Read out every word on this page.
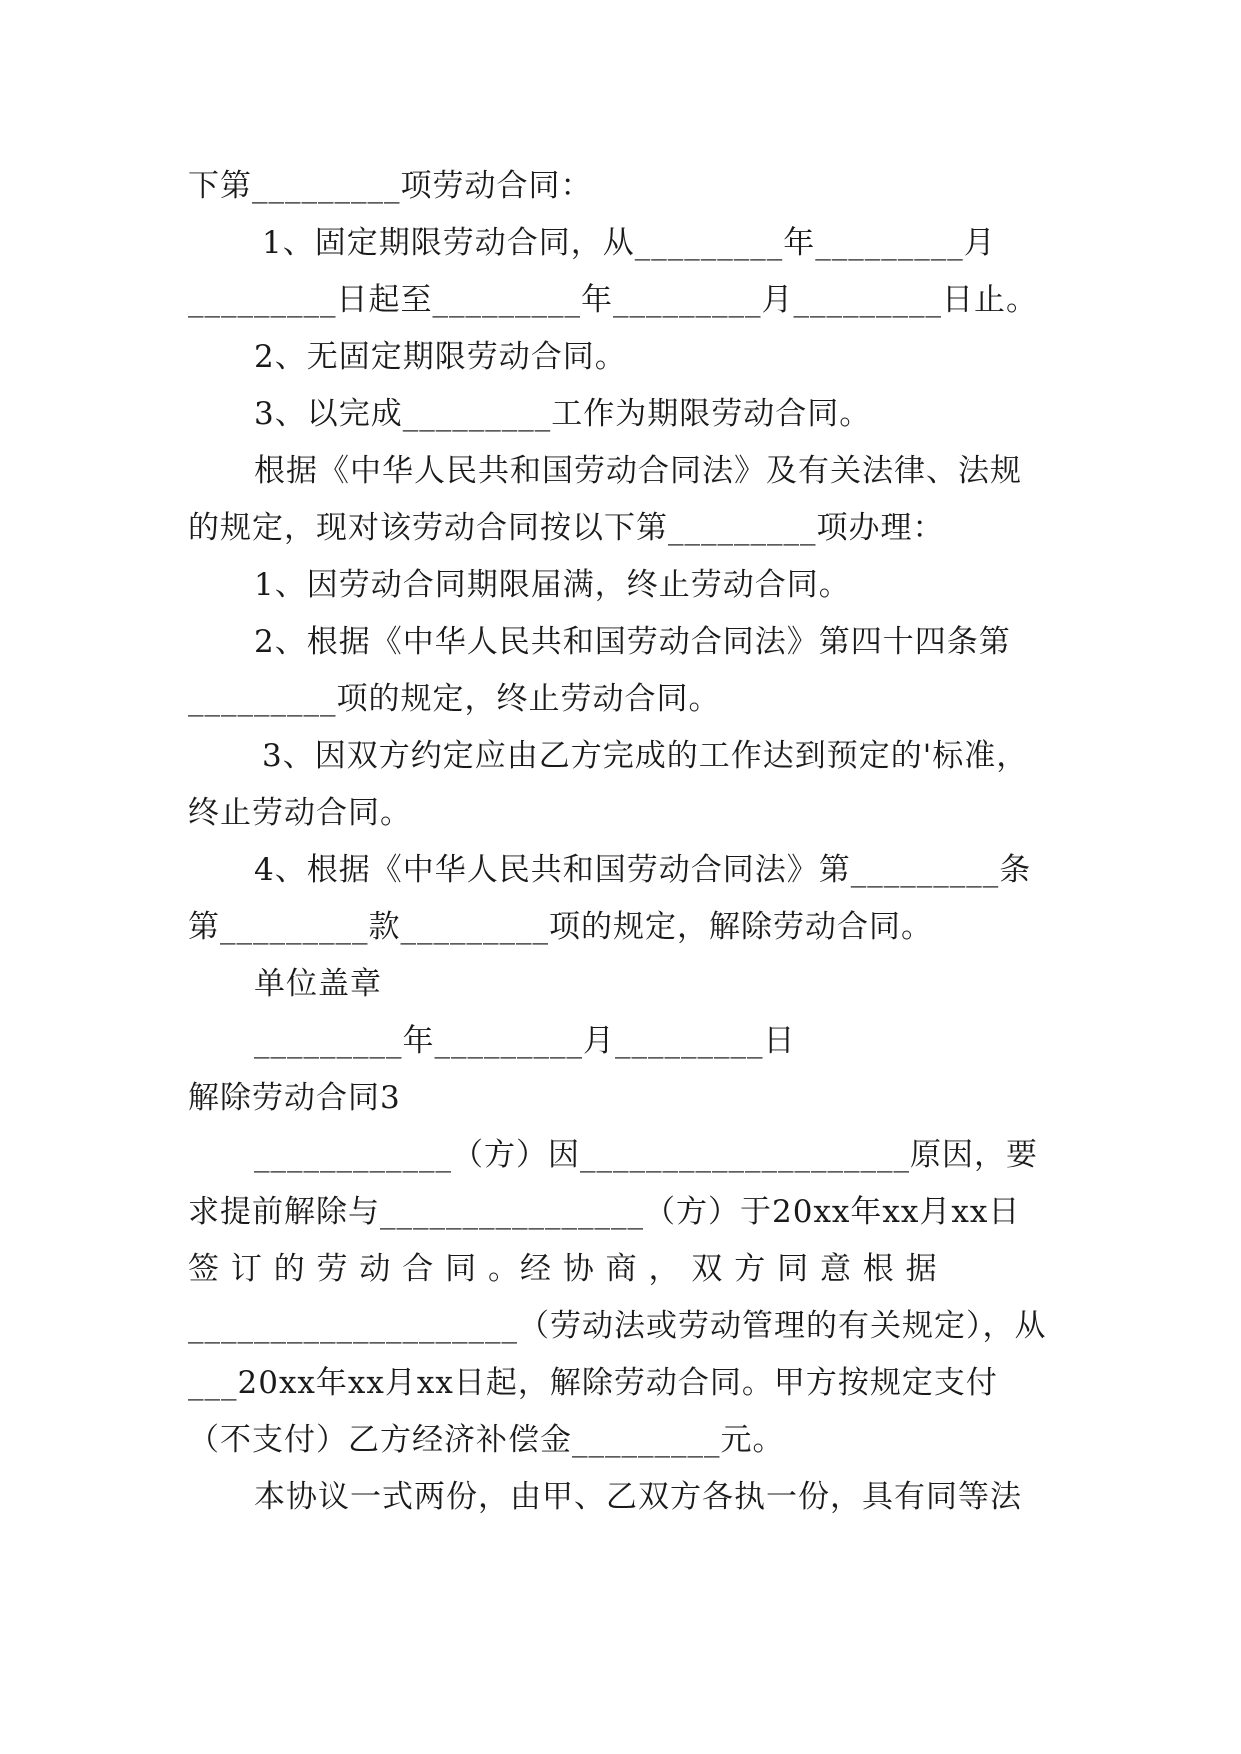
下第_________项劳动合同：
1、固定期限劳动合同，从_________年_________月
_________日起至_________年_________月_________日止。
2、无固定期限劳动合同。
3、以完成_________工作为期限劳动合同。
根据《中华人民共和国劳动合同法》及有关法律、法规
的规定，现对该劳动合同按以下第_________项办理：
1、因劳动合同期限届满，终止劳动合同。
2、根据《中华人民共和国劳动合同法》第四十四条第
_________项的规定，终止劳动合同。
3、因双方约定应由乙方完成的工作达到预定的'标准，
终止劳动合同。
4、根据《中华人民共和国劳动合同法》第_________条
第_________款_________项的规定，解除劳动合同。
单位盖章
_________年_________月_________日
解除劳动合同3
____________（方）因____________________原因，要
求提前解除与________________（方）于20xx年xx月xx日
签 订 的 劳 动 合 同 。经 协 商 ， 双 方 同 意 根 据
____________________（劳动法或劳动管理的有关规定），从
___20xx年xx月xx日起，解除劳动合同。甲方按规定支付
（不支付）乙方经济补偿金_________元。
本协议一式两份，由甲、乙双方各执一份，具有同等法
